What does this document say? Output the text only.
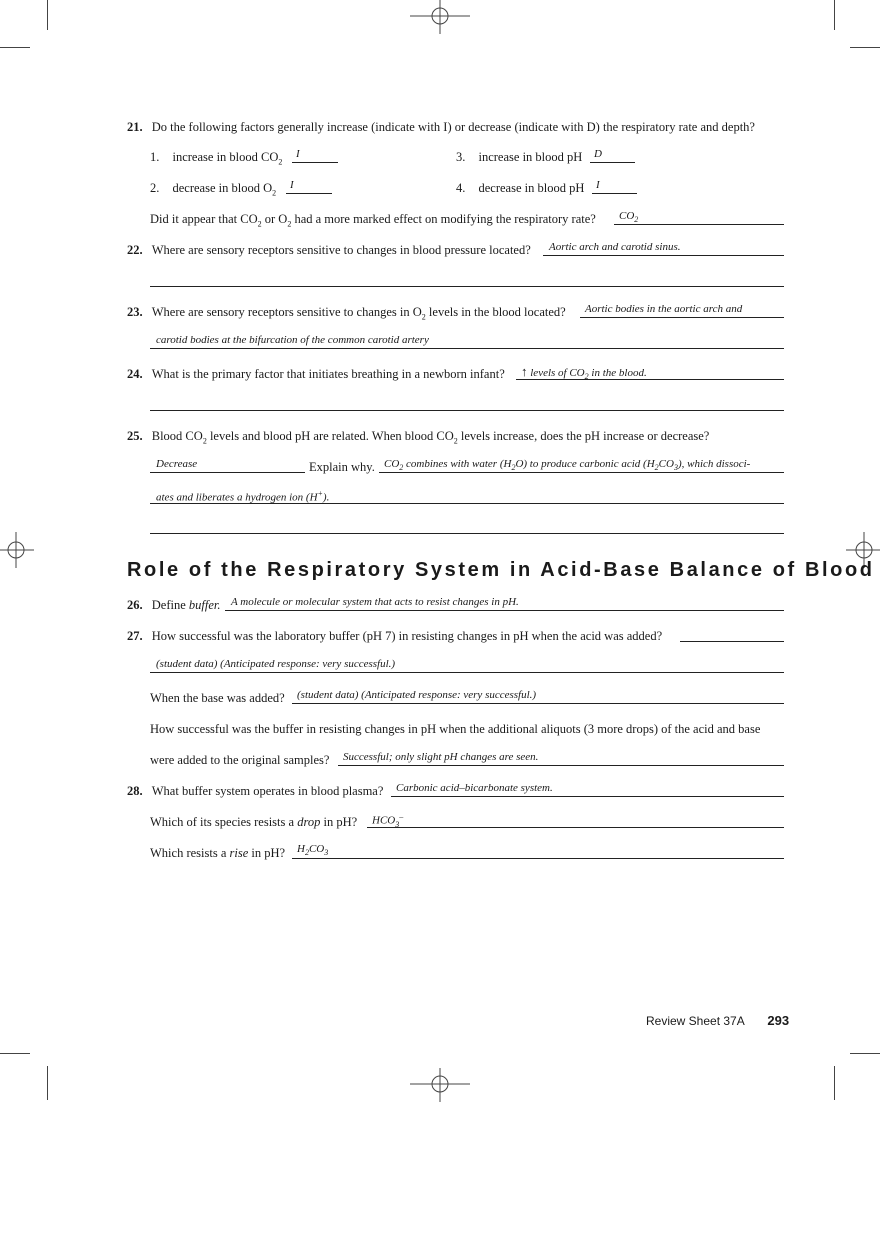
21. Do the following factors generally increase (indicate with I) or decrease (indicate with D) the respiratory rate and depth?
1. increase in blood $CO_2$
I
2. decrease in blood $O_2$
I
3. increase in blood pH D
4. decrease in blood pH I
Did it appear that $CO_2$ or $O_2$ had a more marked effect on modifying the respiratory rate? $CO_2$
22. Where are sensory receptors sensitive to changes in blood pressure located? Aortic arch and carotid sinus.
23. Where are sensory receptors sensitive to changes in $O_2$ levels in the blood located? Aortic bodies in the aortic arch and
carotid bodies at the bifurcation of the common carotid artery
24. What is the primary factor that initiates breathing in a newborn infant? ↑ levels of $CO_2$ in the blood.
25. Blood $CO_2$ levels and blood pH are related. When blood $CO_2$ levels increase, does the pH increase or decrease?
Decrease	Explain why. $CO_2$ combines with water $(H_2O)$ to produce carbonic acid $(H_2CO_3)$, which dissoci-
ates and liberates a hydrogen ion (H+).
Role of the Respiratory System in Acid-Base Balance of Blood
26. Define buffer. A molecule or molecular system that acts to resist changes in pH.
27. How successful was the laboratory buffer (pH 7) in resisting changes in pH when the acid was added?
(student data) (Anticipated response: very successful.)
When the base was added? (student data) (Anticipated response: very successful.)
How successful was the buffer in resisting changes in pH when the additional aliquots (3 more drops) of the acid and base
were added to the original samples? Successful; only slight pH changes are seen.
28. What buffer system operates in blood plasma? Carbonic acid–bicarbonate system.
Which of its species resists a drop in pH? $HCO_3^-$
Which resists a rise in pH? $H_2CO_3$
Review Sheet 37A 293
